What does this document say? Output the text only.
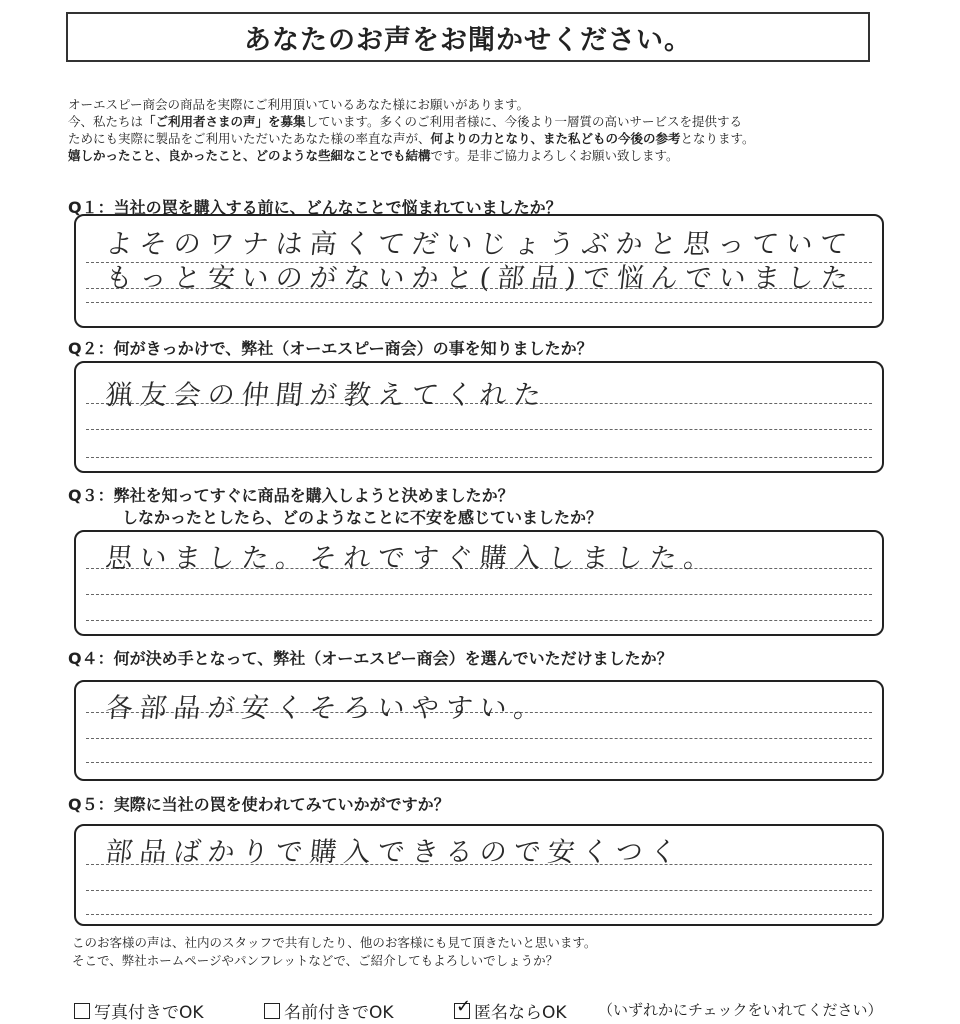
あなたのお声をお聞かせください。

オーエスピー商会の商品を実際にご利用頂いているあなた様にお願いがあります。

今、私たちは「ご利用者さまの声」を募集しています。多くのご利用者様に、今後より一層質の高いサービスを提供する

ためにも実際に製品をご利用いただいたあなた様の率直な声が、何よりの力となり、また私どもの今後の参考となります。

嬉しかったこと、良かったこと、どのような些細なことでも結構です。是非ご協力よろしくお願い致します。

Q１：当社の罠を購入する前に、どんなことで悩まれていましたか？
よそのワナは高くてだいじょうぶかと思っていて
もっと安いのがないかと(部品)で悩んでいました
Q２：何がきっかけで、弊社（オーエスピー商会）の事を知りましたか？
猟友会の仲間が教えてくれた
Q３：弊社を知ってすぐに商品を購入しようと決めましたか？
しなかったとしたら、どのようなことに不安を感じていましたか？
思いました。それですぐ購入しました。
Q４：何が決め手となって、弊社（オーエスピー商会）を選んでいただけましたか？
各部品が安くそろいやすい。
Q５：実際に当社の罠を使われてみていかがですか？
部品ばかりで購入できるので安くつく

このお客様の声は、社内のスタッフで共有したり、他のお客様にも見て頂きたいと思います。

そこで、弊社ホームページやパンフレットなどで、ご紹介してもよろしいでしょうか？

写真付きでOK	名前付きでOK	✓ 匿名ならOK （いずれかにチェックをいれてください）
